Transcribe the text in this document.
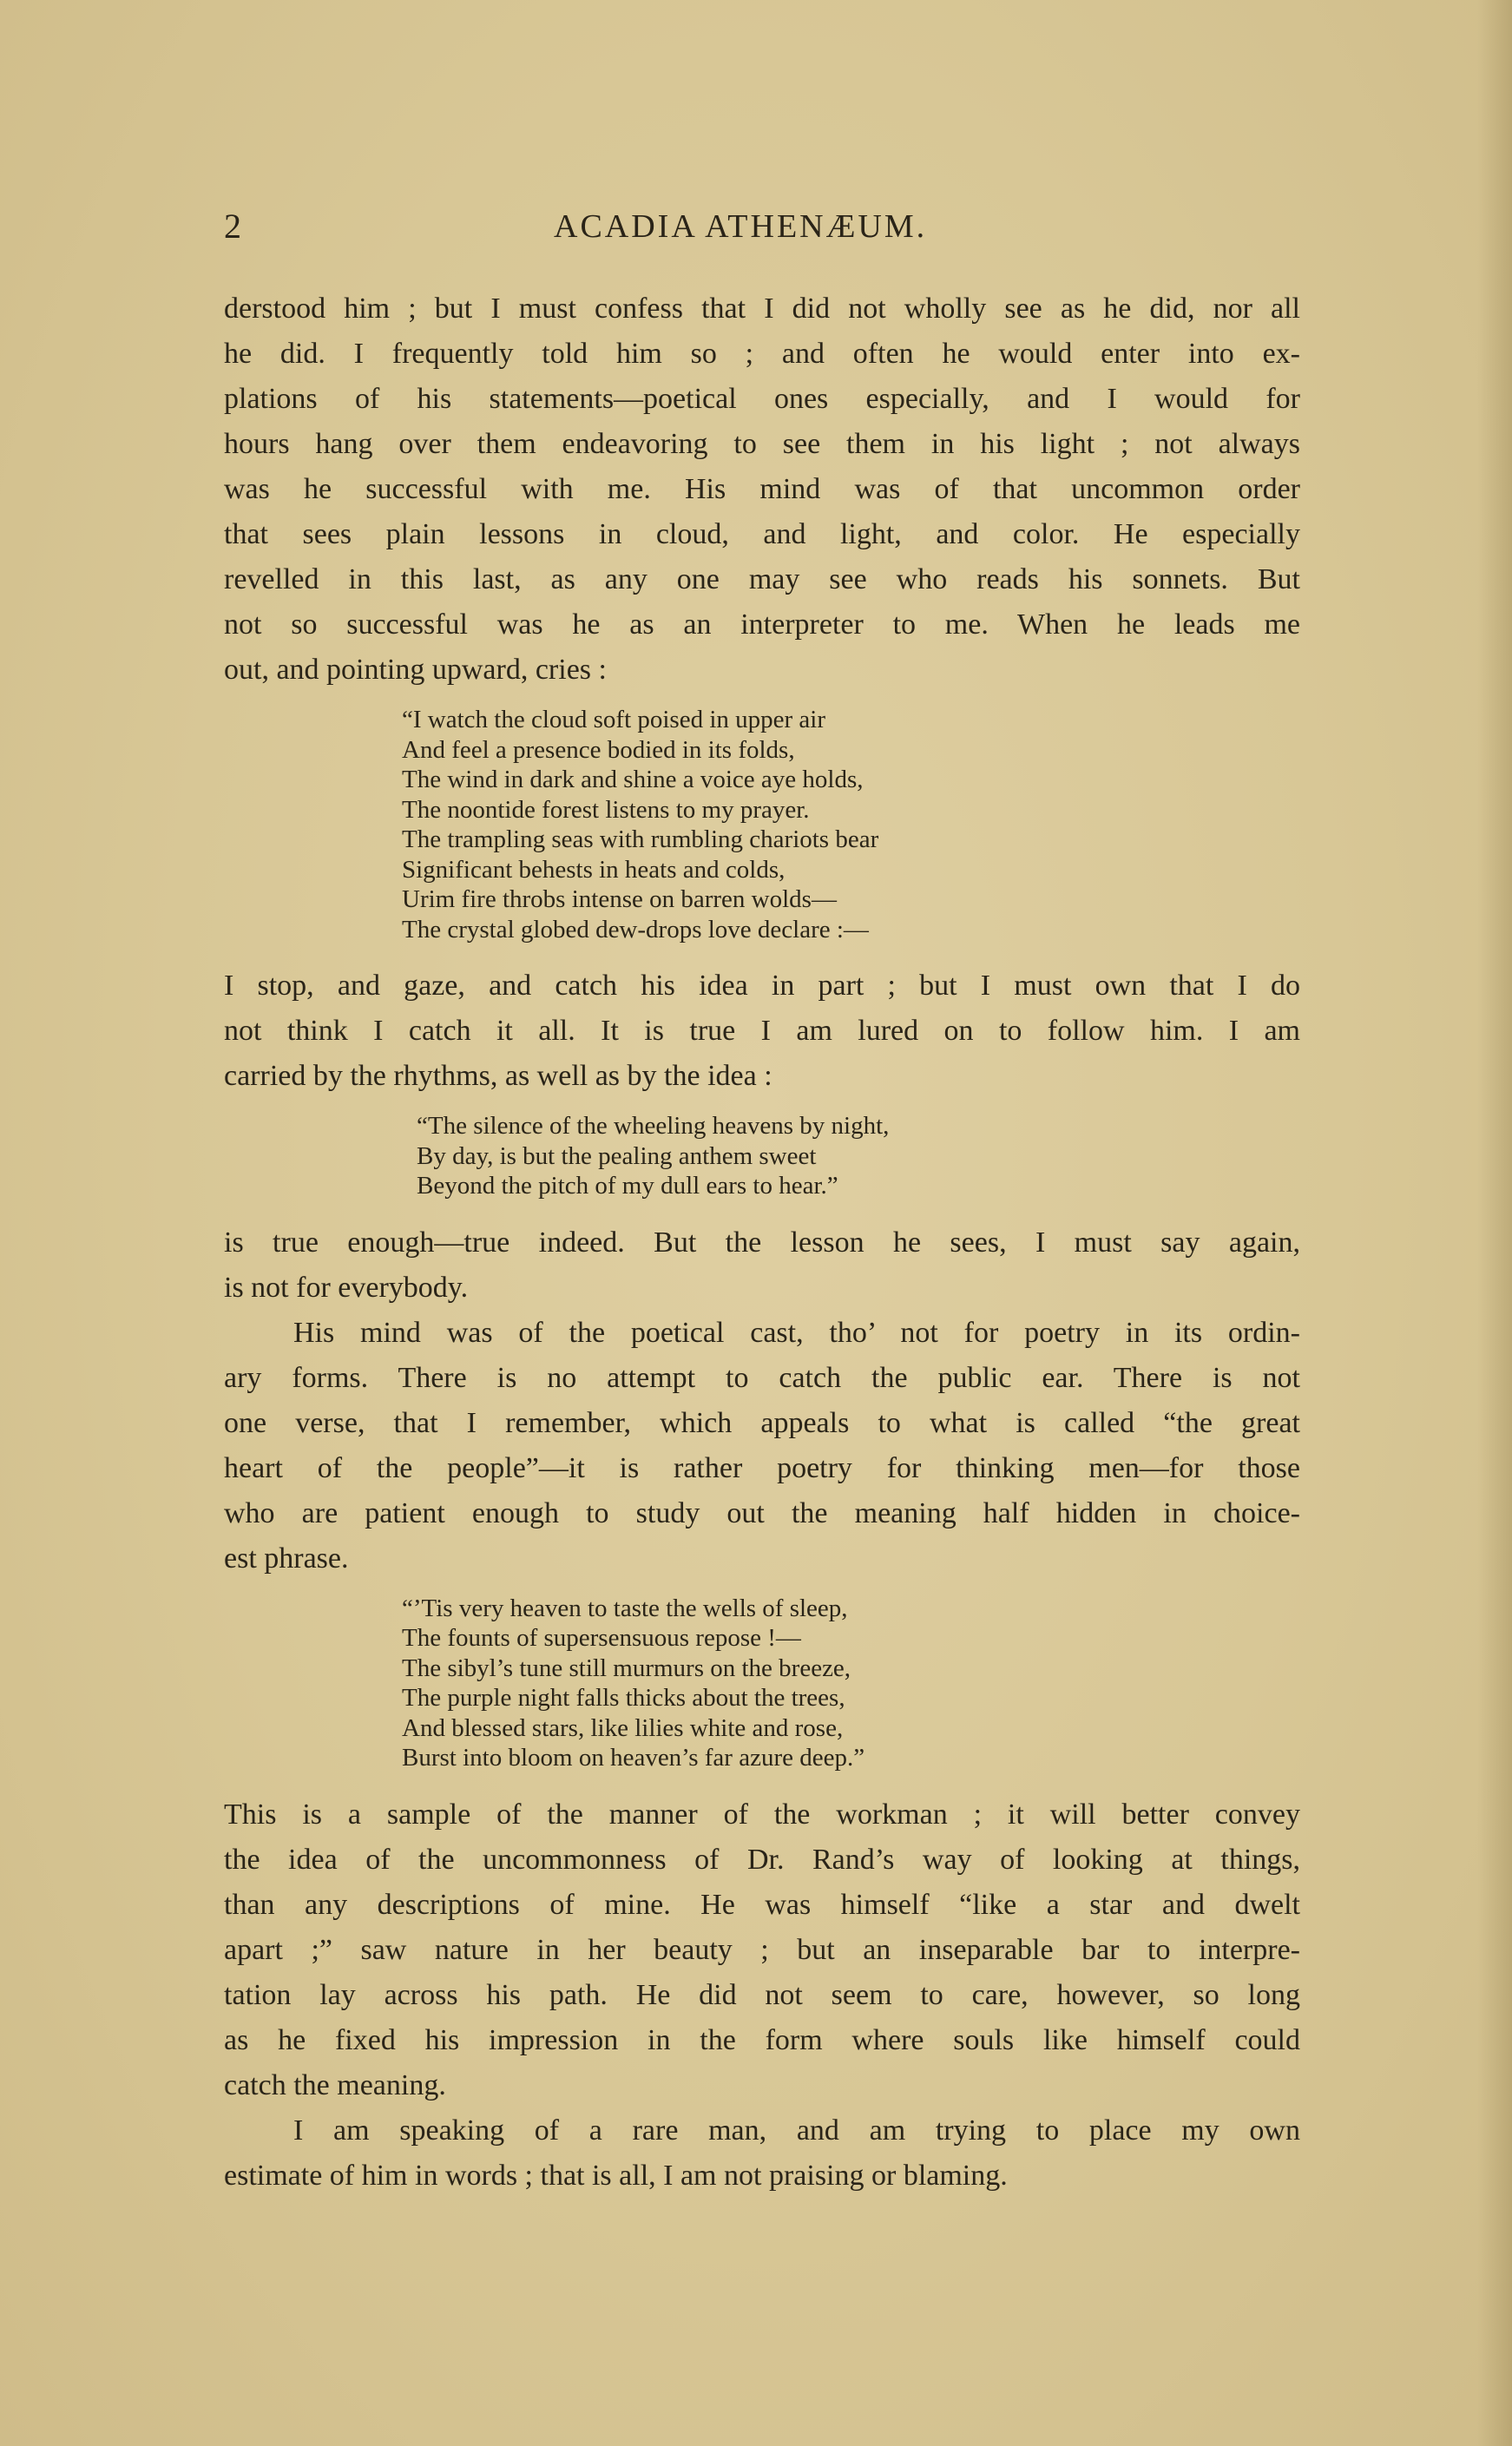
2	ACADIA ATHENÆUM.

derstood him ; but I must confess that I did not wholly see as he did, nor all
he did. I frequently told him so ; and often he would enter into ex-
plations of his statements—poetical ones especially, and I would for
hours hang over them endeavoring to see them in his light ; not always
was he successful with me. His mind was of that uncommon order
that sees plain lessons in cloud, and light, and color. He especially
revelled in this last, as any one may see who reads his sonnets. But
not so successful was he as an interpreter to me. When he leads me
out, and pointing upward, cries :

“I watch the cloud soft poised in upper air
And feel a presence bodied in its folds,
The wind in dark and shine a voice aye holds,
The noontide forest listens to my prayer.
The trampling seas with rumbling chariots bear
Significant behests in heats and colds,
Urim fire throbs intense on barren wolds—
The crystal globed dew-drops love declare :—

I stop, and gaze, and catch his idea in part ; but I must own that I do
not think I catch it all. It is true I am lured on to follow him. I am
carried by the rhythms, as well as by the idea :

“The silence of the wheeling heavens by night,
By day, is but the pealing anthem sweet
Beyond the pitch of my dull ears to hear.”

is true enough—true indeed. But the lesson he sees, I must say again,
is not for everybody.

His mind was of the poetical cast, tho’ not for poetry in its ordin-
ary forms. There is no attempt to catch the public ear. There is not
one verse, that I remember, which appeals to what is called “the great
heart of the people”—it is rather poetry for thinking men—for those
who are patient enough to study out the meaning half hidden in choice-
est phrase.

“’Tis very heaven to taste the wells of sleep,
The founts of supersensuous repose !—
The sibyl’s tune still murmurs on the breeze,
The purple night falls thicks about the trees,
And blessed stars, like lilies white and rose,
Burst into bloom on heaven’s far azure deep.”

This is a sample of the manner of the workman ; it will better convey
the idea of the uncommonness of Dr. Rand’s way of looking at things,
than any descriptions of mine. He was himself “like a star and dwelt
apart ;” saw nature in her beauty ; but an inseparable bar to interpre-
tation lay across his path. He did not seem to care, however, so long
as he fixed his impression in the form where souls like himself could
catch the meaning.

I am speaking of a rare man, and am trying to place my own
estimate of him in words ; that is all, I am not praising or blaming.
